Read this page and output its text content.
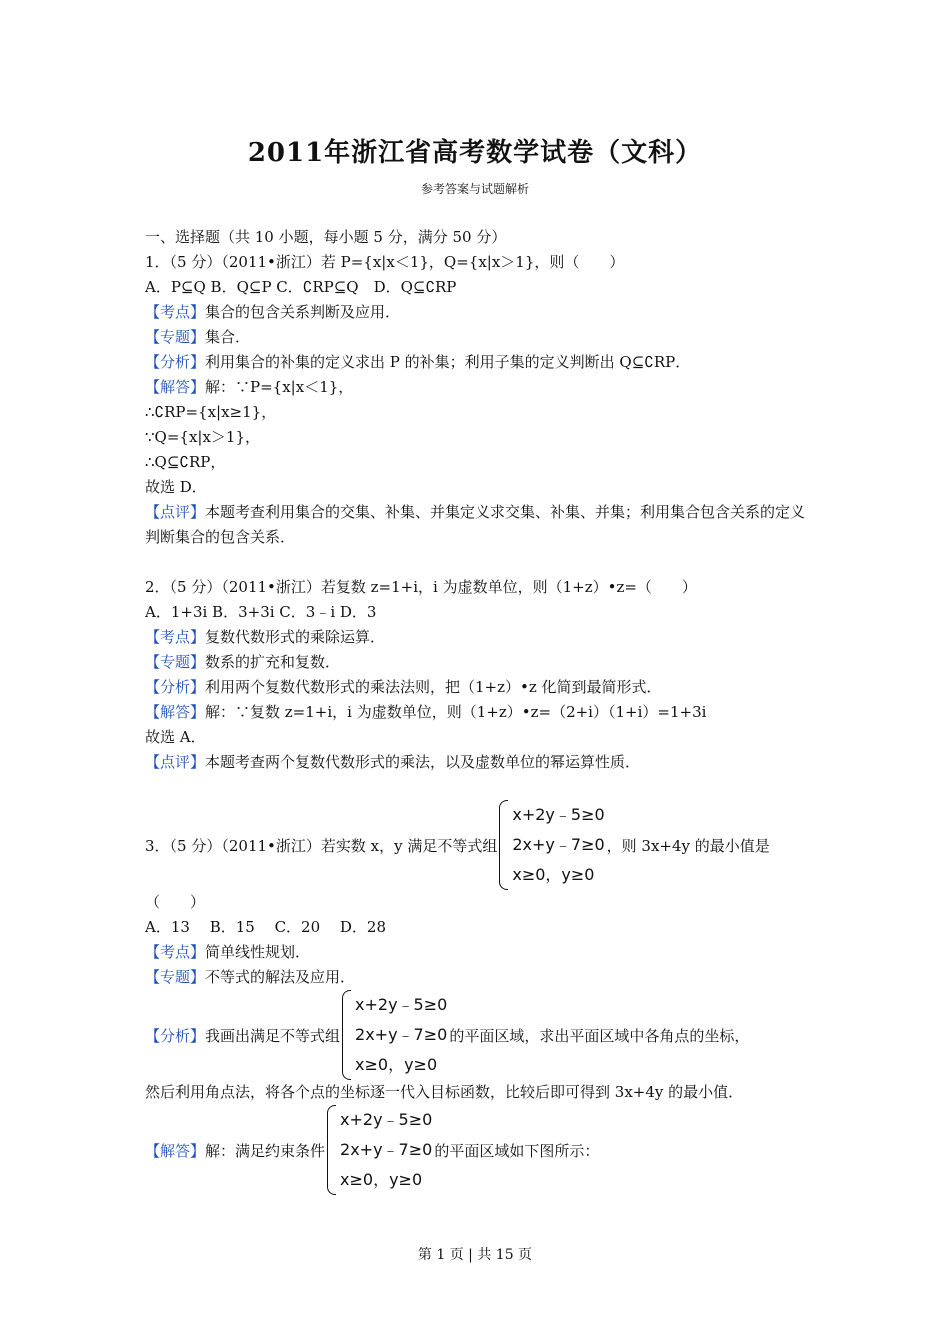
2011年浙江省高考数学试卷（文科）
参考答案与试题解析
一、选择题（共 10 小题，每小题 5 分，满分 50 分）
1．（5 分）（2011•浙江）若 P={x|x＜1}，Q={x|x＞1}，则（　　）
A．P⊆Q B．Q⊆P C．∁RP⊆Q　D．Q⊆∁RP
【考点】集合的包含关系判断及应用．
【专题】集合．
【分析】利用集合的补集的定义求出 P 的补集；利用子集的定义判断出 Q⊆∁RP．
【解答】解：∵P={x|x＜1}，
∴∁RP={x|x≥1}，
∵Q={x|x＞1}，
∴Q⊆∁RP，
故选 D．
【点评】本题考查利用集合的交集、补集、并集定义求交集、补集、并集；利用集合包含关系的定义判断集合的包含关系．
2．（5 分）（2011•浙江）若复数 z=1+i，i 为虚数单位，则（1+z）•z=（　　）
A．1+3i B．3+3i C．3﹣i D．3
【考点】复数代数形式的乘除运算．
【专题】数系的扩充和复数．
【分析】利用两个复数代数形式的乘法法则，把（1+z）•z 化简到最简形式．
【解答】解：∵复数 z=1+i，i 为虚数单位，则（1+z）•z=（2+i）（1+i）=1+3i
故选 A．
【点评】本题考查两个复数代数形式的乘法，以及虚数单位的幂运算性质．
3．（5 分）（2011•浙江）若实数 x，y 满足不等式组
x+2y﹣5≥0
2x+y﹣7≥0
x≥0，y≥0
，则 3x+4y 的最小值是
（　　）
A．13　 B．15　 C．20　 D．28
【考点】简单线性规划．
【专题】不等式的解法及应用．
【分析】 我画出满足不等式组
x+2y﹣5≥0
2x+y﹣7≥0
x≥0，y≥0
的平面区域，求出平面区域中各角点的坐标，
然后利用角点法，将各个点的坐标逐一代入目标函数，比较后即可得到 3x+4y 的最小值．
【解答】 解：满足约束条件
x+2y﹣5≥0
2x+y﹣7≥0
x≥0，y≥0
的平面区域如下图所示：
第 1 页 | 共 15 页
